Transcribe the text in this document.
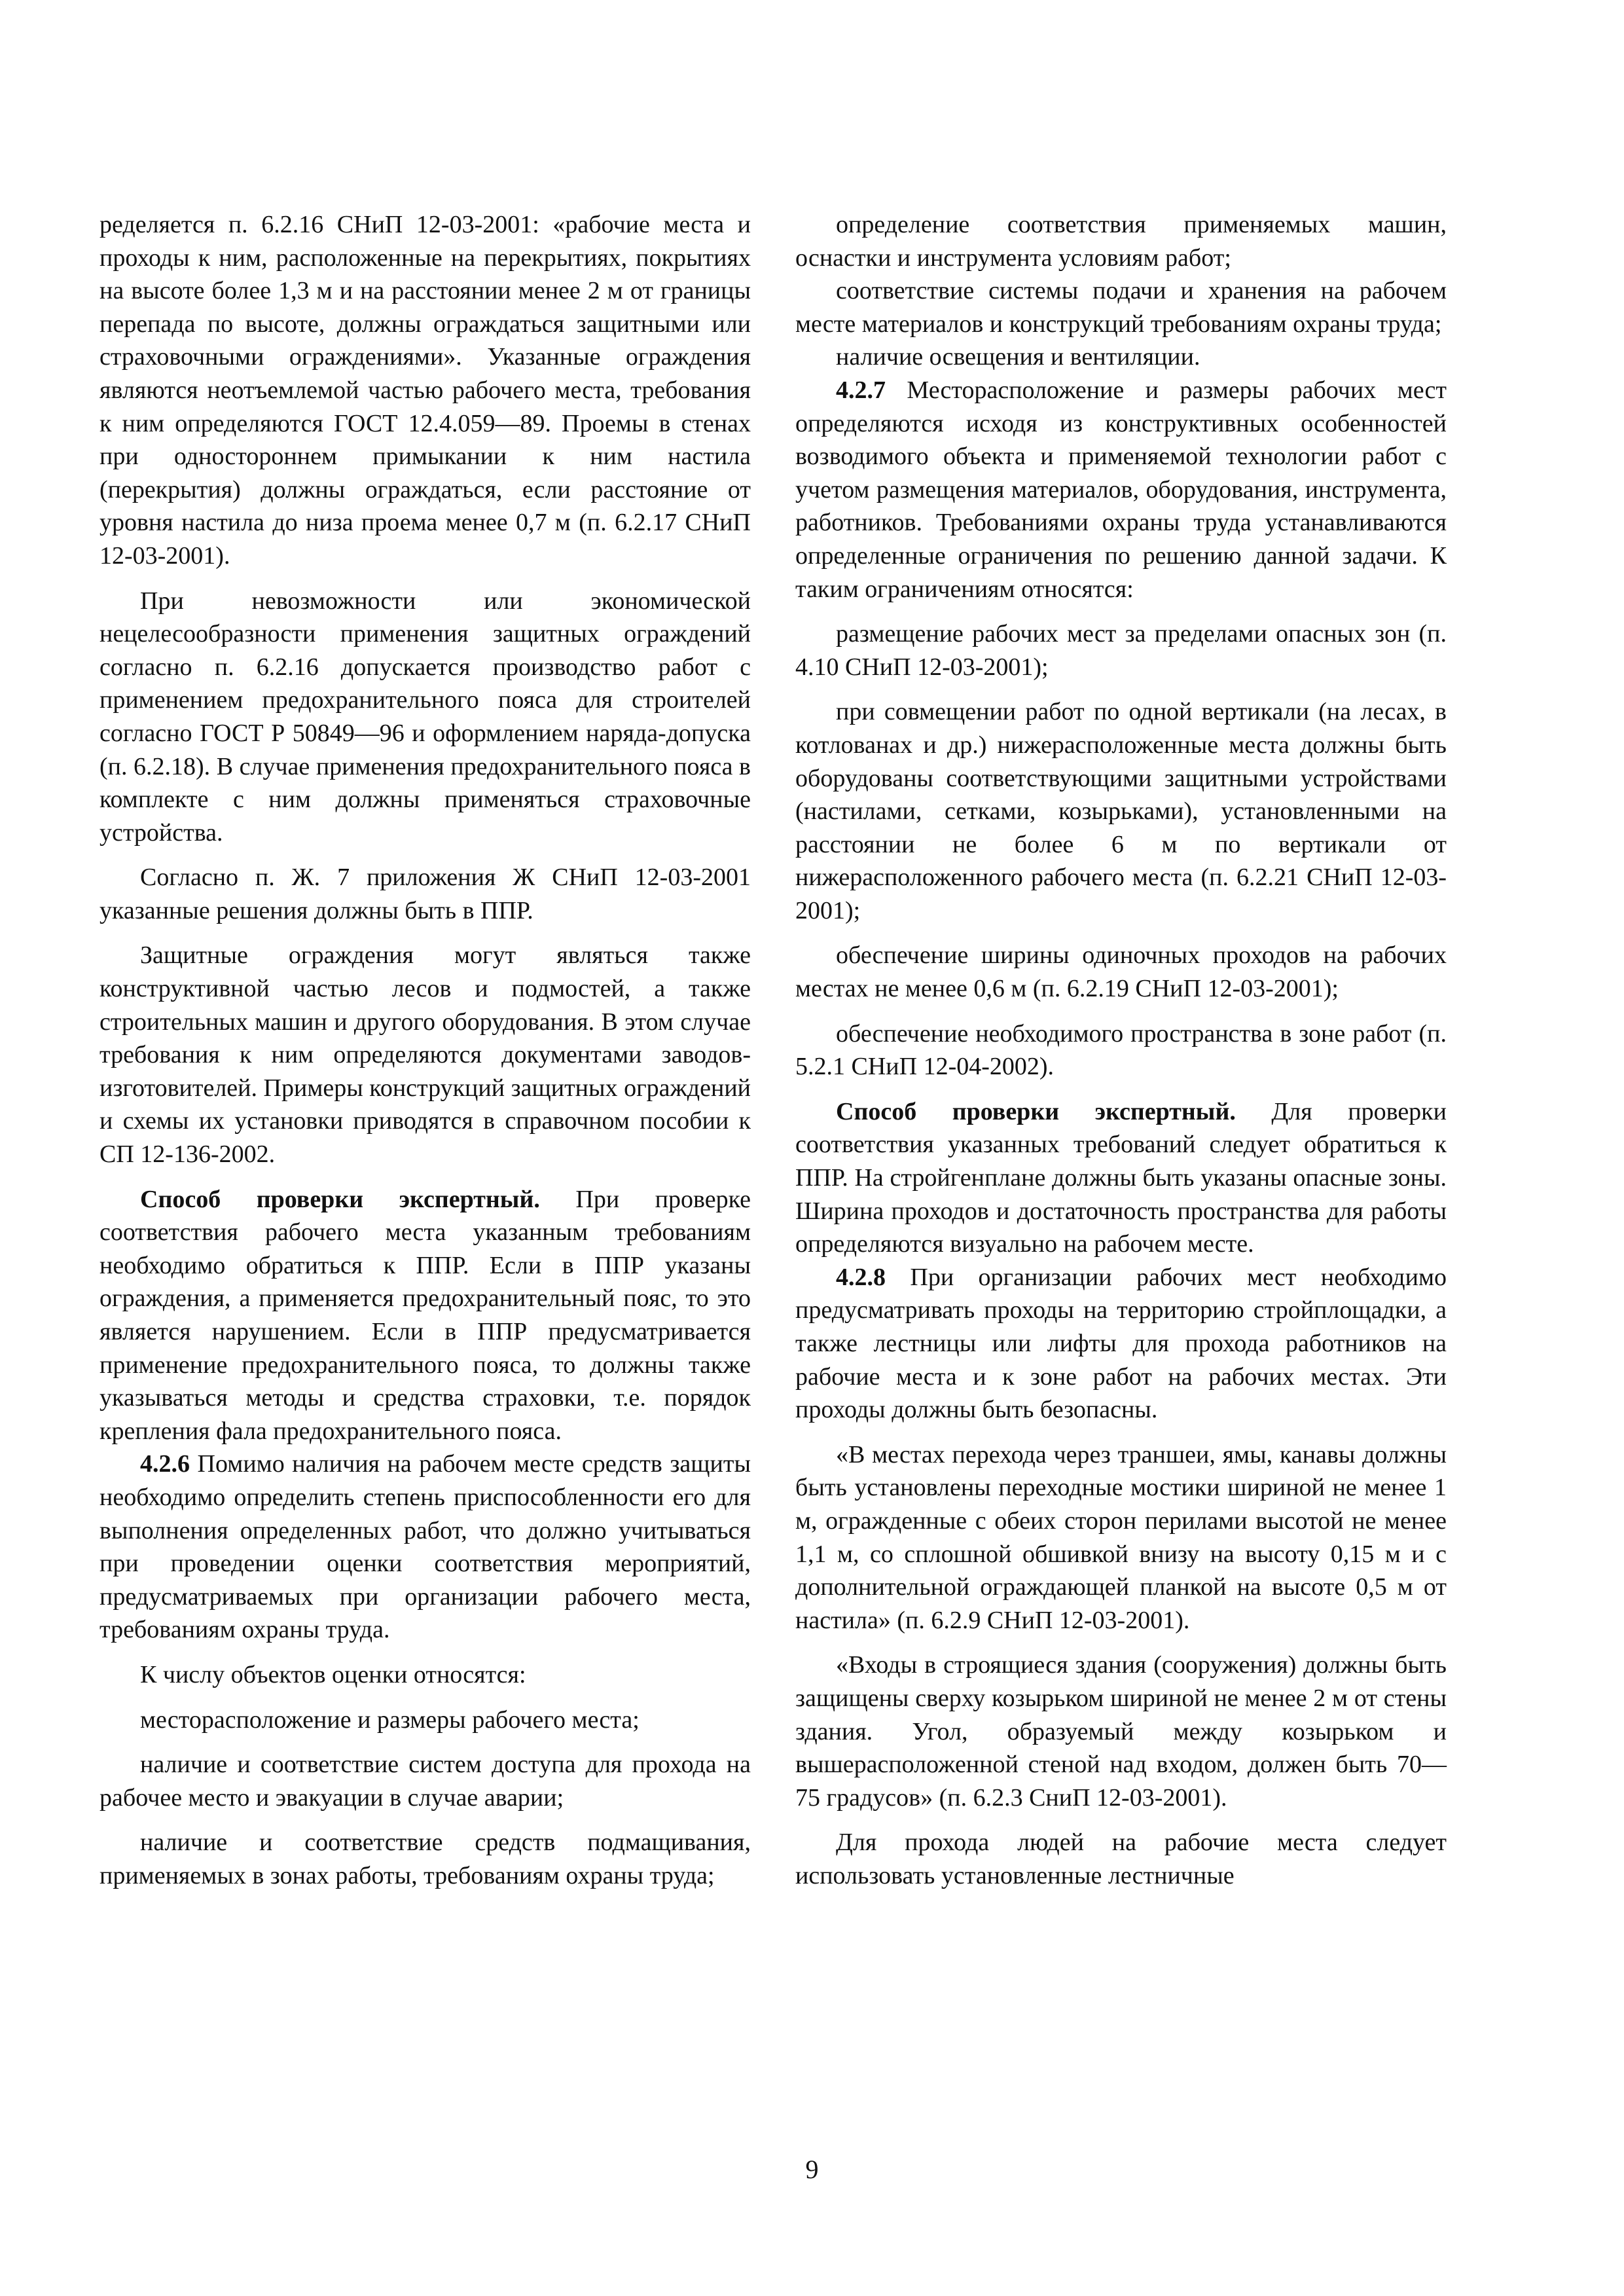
ределяется п. 6.2.16 СНиП 12-03-2001: «рабочие места и проходы к ним, расположенные на перекрытиях, покрытиях на высоте более 1,3 м и на расстоянии менее 2 м от границы перепада по высоте, должны ограждаться защитными или страховочными ограждениями». Указанные ограждения являются неотъемлемой частью рабочего места, требования к ним определяются ГОСТ 12.4.059—89. Проемы в стенах при одностороннем примыкании к ним настила (перекрытия) должны ограждаться, если расстояние от уровня настила до низа проема менее 0,7 м (п. 6.2.17 СНиП 12-03-2001).

При невозможности или экономической нецелесообразности применения защитных ограждений согласно п. 6.2.16 допускается производство работ с применением предохранительного пояса для строителей согласно ГОСТ Р 50849—96 и оформлением наряда-допуска (п. 6.2.18). В случае применения предохранительного пояса в комплекте с ним должны применяться страховочные устройства.

Согласно п. Ж. 7 приложения Ж СНиП 12-03-2001 указанные решения должны быть в ППР.

Защитные ограждения могут являться также конструктивной частью лесов и подмостей, а также строительных машин и другого оборудования. В этом случае требования к ним определяются документами заводов-изготовителей. Примеры конструкций защитных ограждений и схемы их установки приводятся в справочном пособии к СП 12-136-2002.

Способ проверки экспертный. При проверке соответствия рабочего места указанным требованиям необходимо обратиться к ППР. Если в ППР указаны ограждения, а применяется предохранительный пояс, то это является нарушением. Если в ППР предусматривается применение предохранительного пояса, то должны также указываться методы и средства страховки, т.е. порядок крепления фала предохранительного пояса.

4.2.6 Помимо наличия на рабочем месте средств защиты необходимо определить степень приспособленности его для выполнения определенных работ, что должно учитываться при проведении оценки соответствия мероприятий, предусматриваемых при организации рабочего места, требованиям охраны труда.

К числу объектов оценки относятся:

месторасположение и размеры рабочего места;

наличие и соответствие систем доступа для прохода на рабочее место и эвакуации в случае аварии;

наличие и соответствие средств подмащивания, применяемых в зонах работы, требованиям охраны труда;

определение соответствия применяемых машин, оснастки и инструмента условиям работ;

соответствие системы подачи и хранения на рабочем месте материалов и конструкций требованиям охраны труда;

наличие освещения и вентиляции.

4.2.7 Месторасположение и размеры рабочих мест определяются исходя из конструктивных особенностей возводимого объекта и применяемой технологии работ с учетом размещения материалов, оборудования, инструмента, работников. Требованиями охраны труда устанавливаются определенные ограничения по решению данной задачи. К таким ограничениям относятся:

размещение рабочих мест за пределами опасных зон (п. 4.10 СНиП 12-03-2001);

при совмещении работ по одной вертикали (на лесах, в котлованах и др.) нижерасположенные места должны быть оборудованы соответствующими защитными устройствами (настилами, сетками, козырьками), установленными на расстоянии не более 6 м по вертикали от нижерасположенного рабочего места (п. 6.2.21 СНиП 12-03-2001);

обеспечение ширины одиночных проходов на рабочих местах не менее 0,6 м (п. 6.2.19 СНиП 12-03-2001);

обеспечение необходимого пространства в зоне работ (п. 5.2.1 СНиП 12-04-2002).

Способ проверки экспертный. Для проверки соответствия указанных требований следует обратиться к ППР. На стройгенплане должны быть указаны опасные зоны. Ширина проходов и достаточность пространства для работы определяются визуально на рабочем месте.

4.2.8 При организации рабочих мест необходимо предусматривать проходы на территорию стройплощадки, а также лестницы или лифты для прохода работников на рабочие места и к зоне работ на рабочих местах. Эти проходы должны быть безопасны.

«В местах перехода через траншеи, ямы, канавы должны быть установлены переходные мостики шириной не менее 1 м, огражденные с обеих сторон перилами высотой не менее 1,1 м, со сплошной обшивкой внизу на высоту 0,15 м и с дополнительной ограждающей планкой на высоте 0,5 м от настила» (п. 6.2.9 СНиП 12-03-2001).

«Входы в строящиеся здания (сооружения) должны быть защищены сверху козырьком шириной не менее 2 м от стены здания. Угол, образуемый между козырьком и вышерасположенной стеной над входом, должен быть 70—75 градусов» (п. 6.2.3 СниП 12-03-2001).

Для прохода людей на рабочие места следует использовать установленные лестничные

9
